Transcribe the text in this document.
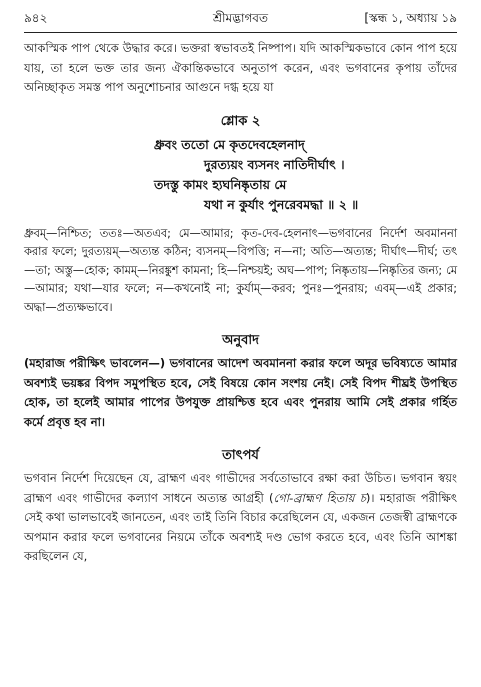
৯৪২	শ্রীমদ্ভাগবত	[স্কন্ধ ১, অধ্যায় ১৯

আকস্মিক পাপ থেকে উদ্ধার করে। ভক্তরা স্বভাবতই নিষ্পাপ। যদি আকস্মিকভাবে কোন পাপ হয়ে যায়, তা হলে ভক্ত তার জন্য ঐকান্তিকভাবে অনুতাপ করেন, এবং ভগবানের কৃপায় তাঁদের অনিচ্ছাকৃত সমস্ত পাপ অনুশোচনার আগুনে দগ্ধ হয়ে যা

শ্লোক ২
ধ্রুবং ততো মে কৃতদেবহেলনাদ্
দুরত্যয়ং ব্যসনং নাতিদীর্ঘাৎ ।
তদস্তু কামং হ্যঘনিষ্কৃতায় মে
যথা ন কুর্যাং পুনরেবমদ্ধা ॥ ২ ॥

ধ্রুবম্—নিশ্চিত; ততঃ—অতএব; মে—আমার; কৃত-দেব-হেলনাৎ—ভগবানের নির্দেশ অবমাননা করার ফলে; দুরত্যয়ম্—অত্যন্ত কঠিন; ব্যসনম্—বিপত্তি; ন—না; অতি—অত্যন্ত; দীর্ঘাৎ—দীর্ঘ; তৎ—তা; অস্তু—হোক; কামম্—নিরঙ্কুশ কামনা; হি—নিশ্চয়ই; অঘ—পাপ; নিষ্কৃতায়—নিষ্কৃতির জন্য; মে—আমার; যথা—যার ফলে; ন—কখনোই না; কুর্যাম্—করব; পুনঃ—পুনরায়; এবম্—এই প্রকার; অদ্ধা—প্রত্যক্ষভাবে।

অনুবাদ

(মহারাজ পরীক্ষিৎ ভাবলেন—) ভগবানের আদেশ অবমাননা করার ফলে অদূর ভবিষ্যতে আমার অবশ্যই ভয়ঙ্কর বিপদ সমুপস্থিত হবে, সেই বিষয়ে কোন সংশয় নেই। সেই বিপদ শীঘ্রই উপস্থিত হোক, তা হলেই আমার পাপের উপযুক্ত প্রায়শ্চিত্ত হবে এবং পুনরায় আমি সেই প্রকার গর্হিত কর্মে প্রবৃত্ত হব না।

তাৎপর্য

ভগবান নির্দেশ দিয়েছেন যে, ব্রাহ্মণ এবং গাভীদের সর্বতোভাবে রক্ষা করা উচিত। ভগবান স্বয়ং ব্রাহ্মণ এবং গাভীদের কল্যাণ সাধনে অত্যন্ত আগ্রহী (গো-ব্রাহ্মণ হিতায় চ)। মহারাজ পরীক্ষিৎ সেই কথা ভালভাবেই জানতেন, এবং তাই তিনি বিচার করেছিলেন যে, একজন তেজস্বী ব্রাহ্মণকে অপমান করার ফলে ভগবানের নিয়মে তাঁকে অবশ্যই দণ্ড ভোগ করতে হবে, এবং তিনি আশঙ্কা করছিলেন যে,
